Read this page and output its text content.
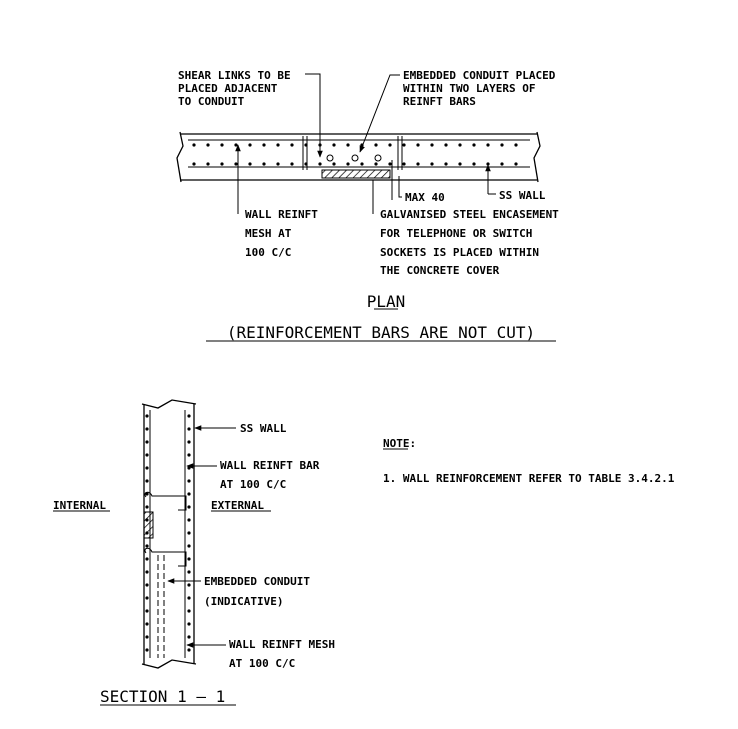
SHEAR LINKS TO BE
PLACED ADJACENT
TO CONDUIT
EMBEDDED CONDUIT PLACED
WITHIN TWO LAYERS OF
REINFT BARS
MAX 40	SS WALL
WALL REINFT
MESH AT
100 C/C
GALVANISED STEEL ENCASEMENT
FOR TELEPHONE OR SWITCH
SOCKETS IS PLACED WITHIN
THE CONCRETE COVER
PLAN
(REINFORCEMENT BARS ARE NOT CUT)
SS WALL
WALL REINFT BAR
AT 100 C/C
INTERNAL	EXTERNAL
EMBEDDED CONDUIT
(INDICATIVE)
WALL REINFT MESH
AT 100 C/C
SECTION 1 — 1
NOTE:
1. WALL REINFORCEMENT REFER TO TABLE 3.4.2.1
